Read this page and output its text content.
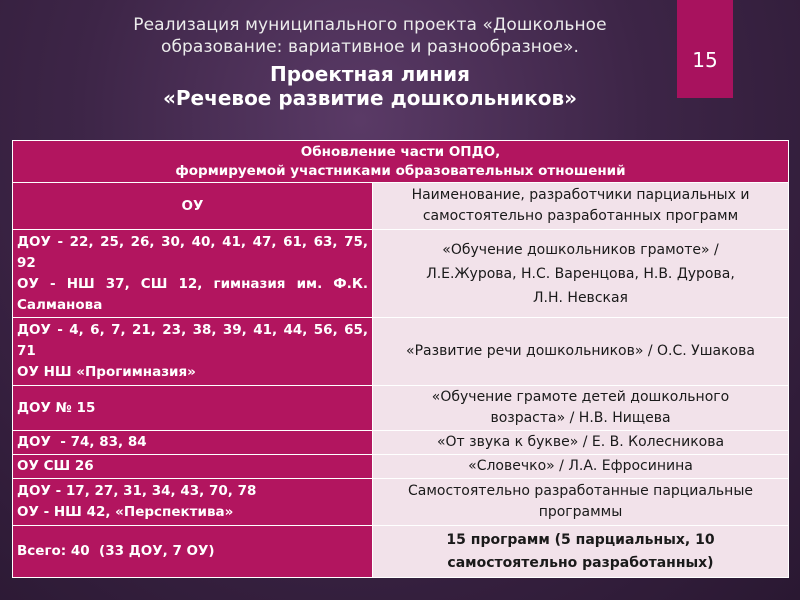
Реализация муниципального проекта «Дошкольное
образование: вариативное и разнообразное».
Проектная линия
«Речевое развитие дошкольников»
15
Обновление части ОПДО,
формируемой участниками образовательных отношений	

ОУ	Наименование, разработчики парциальных и
самостоятельно разработанных программ

ДОУ - 22, 25, 26, 30, 40, 41, 47, 61, 63, 75,
92
ОУ - НШ 37, СШ 12, гимназия им. Ф.К.
Салманова	«Обучение дошкольников грамоте» /
Л.Е.Журова, Н.С. Варенцова, Н.В. Дурова,
Л.Н. Невская

ДОУ - 4, 6, 7, 21, 23, 38, 39, 41, 44, 56, 65,
71
ОУ НШ «Прогимназия»	«Развитие речи дошкольников» / О.С. Ушакова

ДОУ № 15	«Обучение грамоте детей дошкольного
возраста» / Н.В. Нищева

ДОУ  - 74, 83, 84	«От звука к букве» / Е. В. Колесникова

ОУ СШ 26	«Словечко» / Л.А. Ефросинина

ДОУ - 17, 27, 31, 34, 43, 70, 78
ОУ - НШ 42, «Перспектива»	Самостоятельно разработанные парциальные
программы

Всего: 40  (33 ДОУ, 7 ОУ)	15 программ (5 парциальных, 10
самостоятельно разработанных)
